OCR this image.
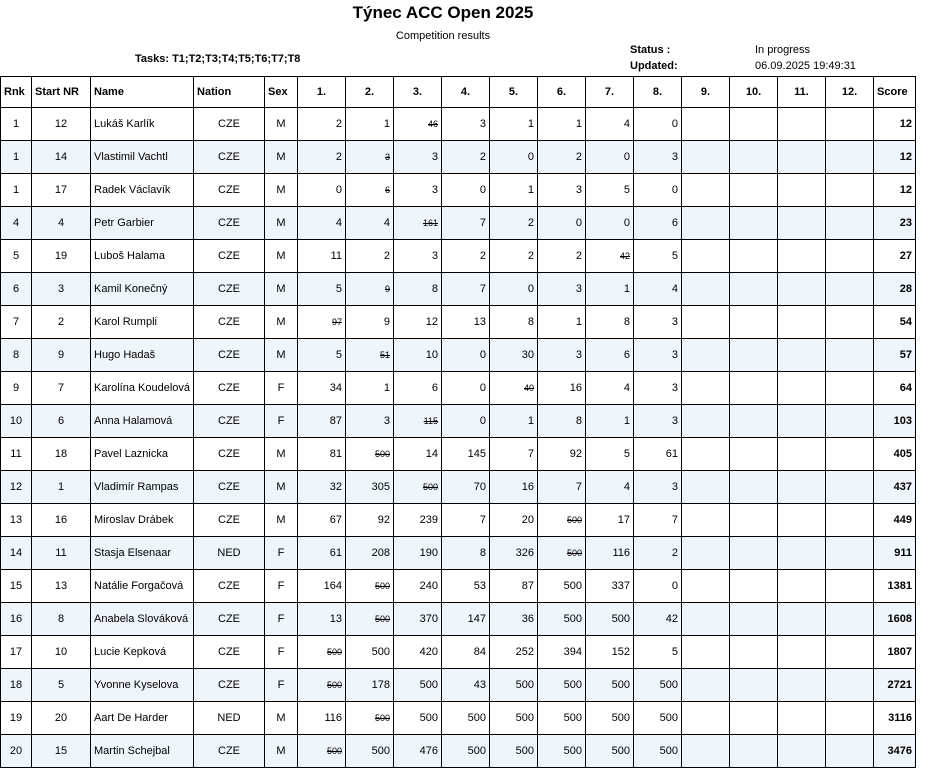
Týnec ACC Open 2025
Competition results
Tasks: T1;T2;T3;T4;T5;T6;T7;T8
Status :	In progress
Updated:	06.09.2025 19:49:31
Rnk	Start NR	Name	Nation	Sex	1.	2.	3.	4.	5.	6.	7.	8.	9.	10.	11.	12.	Score
1	12	Lukáš Karlík	CZE	M	2	1	46	3	1	1	4	0					12
1	14	Vlastimil Vachtl	CZE	M	2	3	3	2	0	2	0	3					12
1	17	Radek Václavík	CZE	M	0	6	3	0	1	3	5	0					12
4	4	Petr Garbier	CZE	M	4	4	161	7	2	0	0	6					23
5	19	Luboš Halama	CZE	M	11	2	3	2	2	2	42	5					27
6	3	Kamil Konečný	CZE	M	5	9	8	7	0	3	1	4					28
7	2	Karol Rumpli	CZE	M	97	9	12	13	8	1	8	3					54
8	9	Hugo Hadaš	CZE	M	5	51	10	0	30	3	6	3					57
9	7	Karolína Koudelová	CZE	F	34	1	6	0	40	16	4	3					64
10	6	Anna Halamová	CZE	F	87	3	115	0	1	8	1	3					103
11	18	Pavel Laznicka	CZE	M	81	500	14	145	7	92	5	61					405
12	1	Vladimír Rampas	CZE	M	32	305	500	70	16	7	4	3					437
13	16	Miroslav Drábek	CZE	M	67	92	239	7	20	500	17	7					449
14	11	Stasja Elsenaar	NED	F	61	208	190	8	326	500	116	2					911
15	13	Natálie Forgačová	CZE	F	164	500	240	53	87	500	337	0					1381
16	8	Anabela Slováková	CZE	F	13	500	370	147	36	500	500	42					1608
17	10	Lucie Kepková	CZE	F	500	500	420	84	252	394	152	5					1807
18	5	Yvonne Kyselova	CZE	F	500	178	500	43	500	500	500	500					2721
19	20	Aart De Harder	NED	M	116	500	500	500	500	500	500	500					3116
20	15	Martin Schejbal	CZE	M	500	500	476	500	500	500	500	500					3476
